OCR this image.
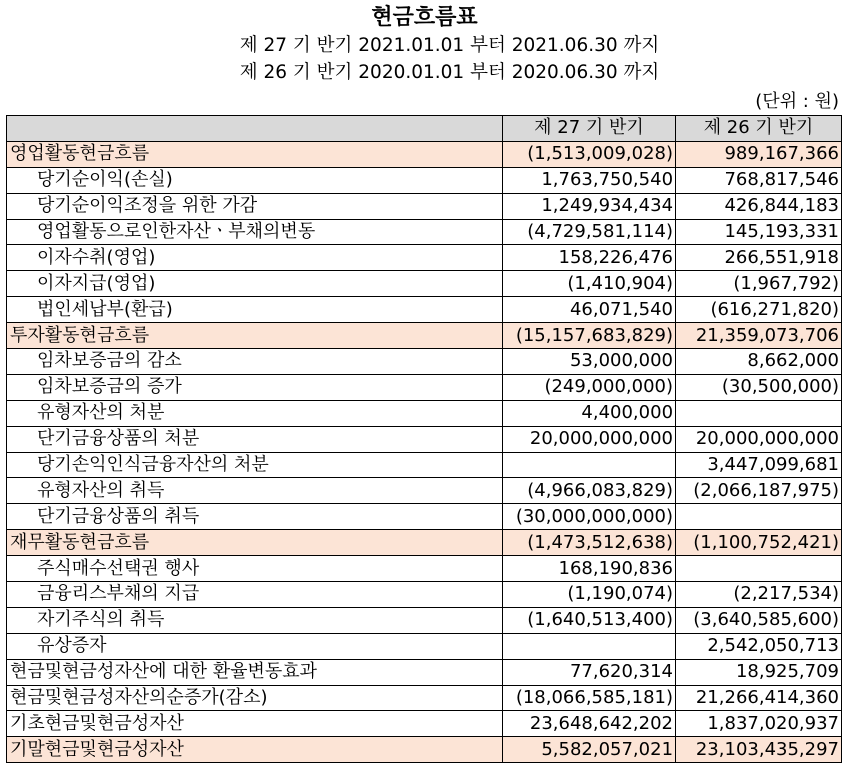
현금흐름표
제 27 기 반기 2021.01.01 부터 2021.06.30 까지
제 26 기 반기 2020.01.01 부터 2020.06.30 까지
(단위 : 원)
	제 27 기 반기	제 26 기 반기
영업활동현금흐름	(1,513,009,028)	989,167,366
당기순이익(손실)	1,763,750,540	768,817,546
당기순이익조정을 위한 가감	1,249,934,434	426,844,183
영업활동으로인한자산ㆍ부채의변동	(4,729,581,114)	145,193,331
이자수취(영업)	158,226,476	266,551,918
이자지급(영업)	(1,410,904)	(1,967,792)
법인세납부(환급)	46,071,540	(616,271,820)
투자활동현금흐름	(15,157,683,829)	21,359,073,706
임차보증금의 감소	53,000,000	8,662,000
임차보증금의 증가	(249,000,000)	(30,500,000)
유형자산의 처분	4,400,000	
단기금융상품의 처분	20,000,000,000	20,000,000,000
당기손익인식금융자산의 처분		3,447,099,681
유형자산의 취득	(4,966,083,829)	(2,066,187,975)
단기금융상품의 취득	(30,000,000,000)	
재무활동현금흐름	(1,473,512,638)	(1,100,752,421)
주식매수선택권 행사	168,190,836	
금융리스부채의 지급	(1,190,074)	(2,217,534)
자기주식의 취득	(1,640,513,400)	(3,640,585,600)
유상증자		2,542,050,713
현금및현금성자산에 대한 환율변동효과	77,620,314	18,925,709
현금및현금성자산의순증가(감소)	(18,066,585,181)	21,266,414,360
기초현금및현금성자산	23,648,642,202	1,837,020,937
기말현금및현금성자산	5,582,057,021	23,103,435,297
